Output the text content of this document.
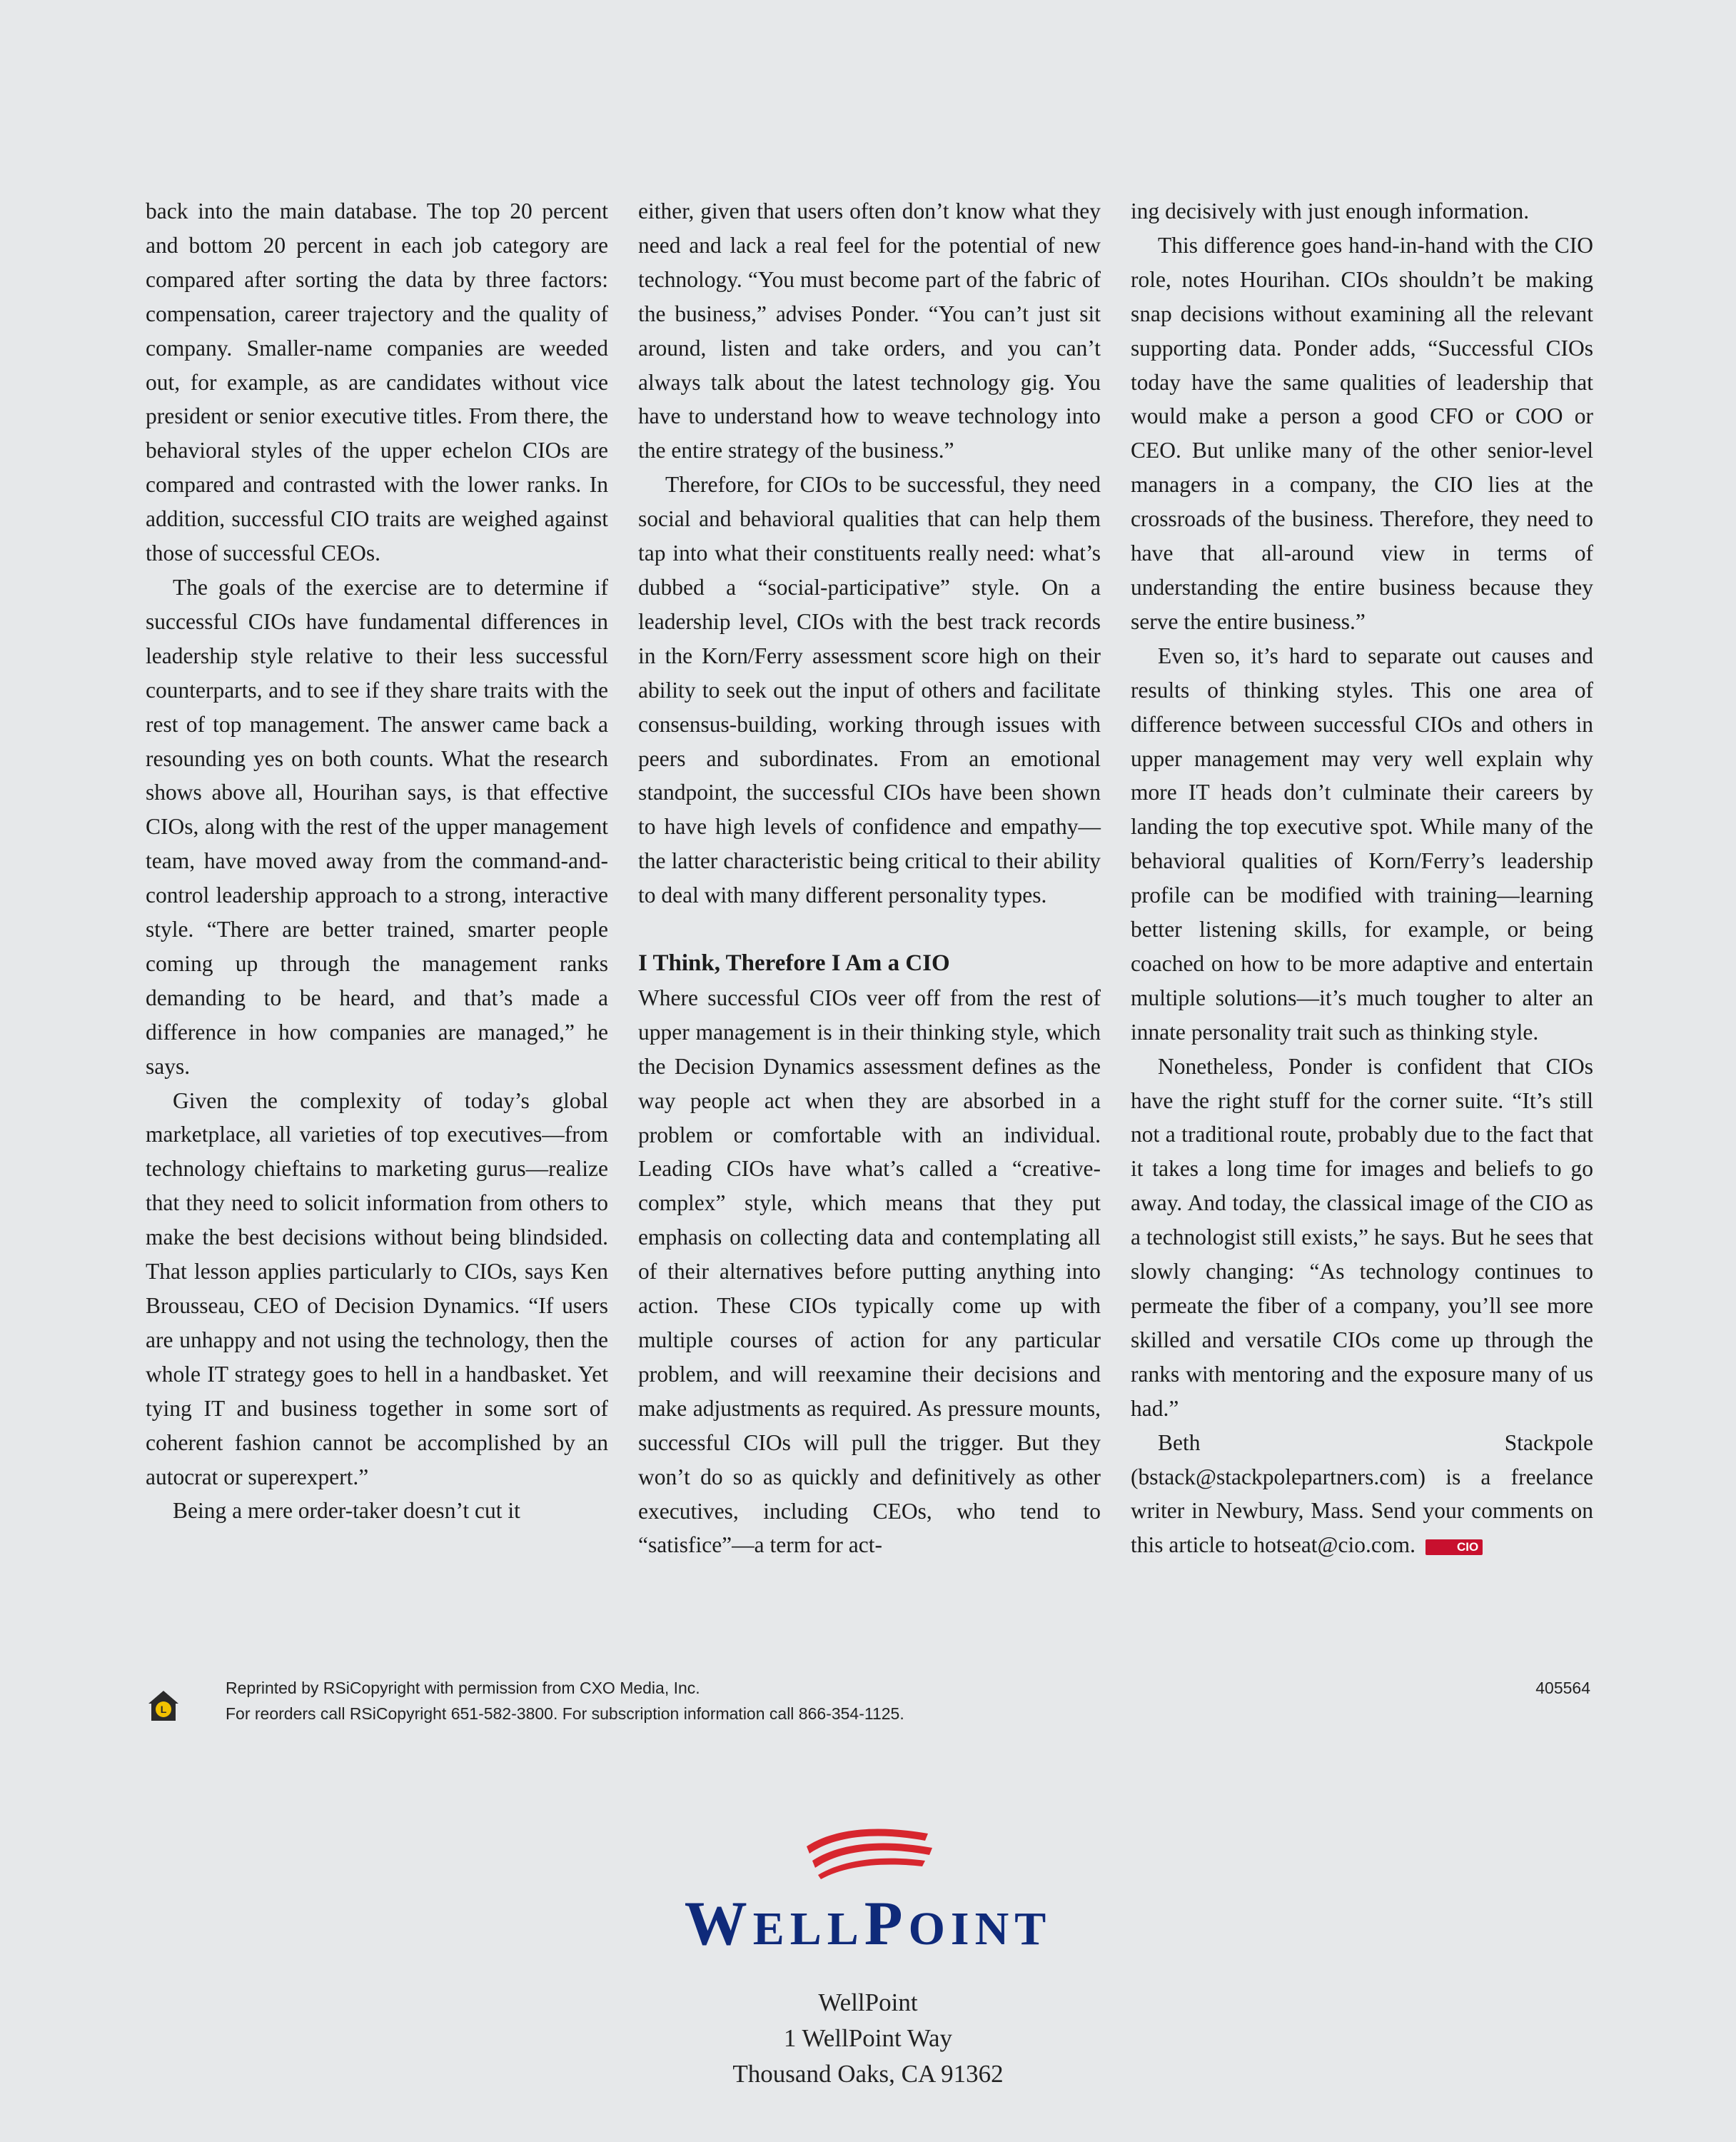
back into the main database. The top 20 percent and bottom 20 percent in each job category are compared after sorting the data by three factors: compensation, career trajectory and the quality of company. Smaller-name companies are weeded out, for example, as are candidates without vice president or senior executive titles. From there, the behavioral styles of the upper echelon CIOs are compared and contrasted with the lower ranks. In addition, successful CIO traits are weighed against those of successful CEOs.

The goals of the exercise are to determine if successful CIOs have fundamental differences in leadership style relative to their less successful counterparts, and to see if they share traits with the rest of top management. The answer came back a resounding yes on both counts. What the research shows above all, Hourihan says, is that effective CIOs, along with the rest of the upper management team, have moved away from the command-and-control leadership approach to a strong, interactive style. “There are better trained, smarter people coming up through the management ranks demanding to be heard, and that’s made a difference in how companies are managed,” he says.

Given the complexity of today’s global marketplace, all varieties of top executives—from technology chieftains to marketing gurus—realize that they need to solicit information from others to make the best decisions without being blindsided. That lesson applies particularly to CIOs, says Ken Brousseau, CEO of Decision Dynamics. “If users are unhappy and not using the technology, then the whole IT strategy goes to hell in a handbasket. Yet tying IT and business together in some sort of coherent fashion cannot be accomplished by an autocrat or superexpert.”

Being a mere order-taker doesn’t cut it

either, given that users often don’t know what they need and lack a real feel for the potential of new technology. “You must become part of the fabric of the business,” advises Ponder. “You can’t just sit around, listen and take orders, and you can’t always talk about the latest technology gig. You have to understand how to weave technology into the entire strategy of the business.”

Therefore, for CIOs to be successful, they need social and behavioral qualities that can help them tap into what their constituents really need: what’s dubbed a “social-participative” style. On a leadership level, CIOs with the best track records in the Korn/Ferry assessment score high on their ability to seek out the input of others and facilitate consensus-building, working through issues with peers and subordinates. From an emotional standpoint, the successful CIOs have been shown to have high levels of confidence and empathy—the latter characteristic being critical to their ability to deal with many different personality types.

I Think, Therefore I Am a CIO

Where successful CIOs veer off from the rest of upper management is in their thinking style, which the Decision Dynamics assessment defines as the way people act when they are absorbed in a problem or comfortable with an individual. Leading CIOs have what’s called a “creative-complex” style, which means that they put emphasis on collecting data and contemplating all of their alternatives before putting anything into action. These CIOs typically come up with multiple courses of action for any particular problem, and will reexamine their decisions and make adjustments as required. As pressure mounts, successful CIOs will pull the trigger. But they won’t do so as quickly and definitively as other executives, including CEOs, who tend to “satisfice”—a term for act-

ing decisively with just enough information.

This difference goes hand-in-hand with the CIO role, notes Hourihan. CIOs shouldn’t be making snap decisions without examining all the relevant supporting data. Ponder adds, “Successful CIOs today have the same qualities of leadership that would make a person a good CFO or COO or CEO. But unlike many of the other senior-level managers in a company, the CIO lies at the crossroads of the business. Therefore, they need to have that all-around view in terms of understanding the entire business because they serve the entire business.”

Even so, it’s hard to separate out causes and results of thinking styles. This one area of difference between successful CIOs and others in upper management may very well explain why more IT heads don’t culminate their careers by landing the top executive spot. While many of the behavioral qualities of Korn/Ferry’s leadership profile can be modified with training—learning better listening skills, for example, or being coached on how to be more adaptive and entertain multiple solutions—it’s much tougher to alter an innate personality trait such as thinking style.

Nonetheless, Ponder is confident that CIOs have the right stuff for the corner suite. “It’s still not a traditional route, probably due to the fact that it takes a long time for images and beliefs to go away. And today, the classical image of the CIO as a technologist still exists,” he says. But he sees that slowly changing: “As technology continues to permeate the fiber of a company, you’ll see more skilled and versatile CIOs come up through the ranks with mentoring and the exposure many of us had.”

Beth Stackpole (bstack@stackpolepartners.com) is a freelance writer in Newbury, Mass. Send your comments on this article to hotseat@cio.com.	CIO

L
Reprinted by RSiCopyright with permission from CXO Media, Inc.
For reorders call RSiCopyright 651-582-3800. For subscription information call 866-354-1125.
405564
WELLPOINT
WellPoint
1 WellPoint Way
Thousand Oaks, CA 91362
